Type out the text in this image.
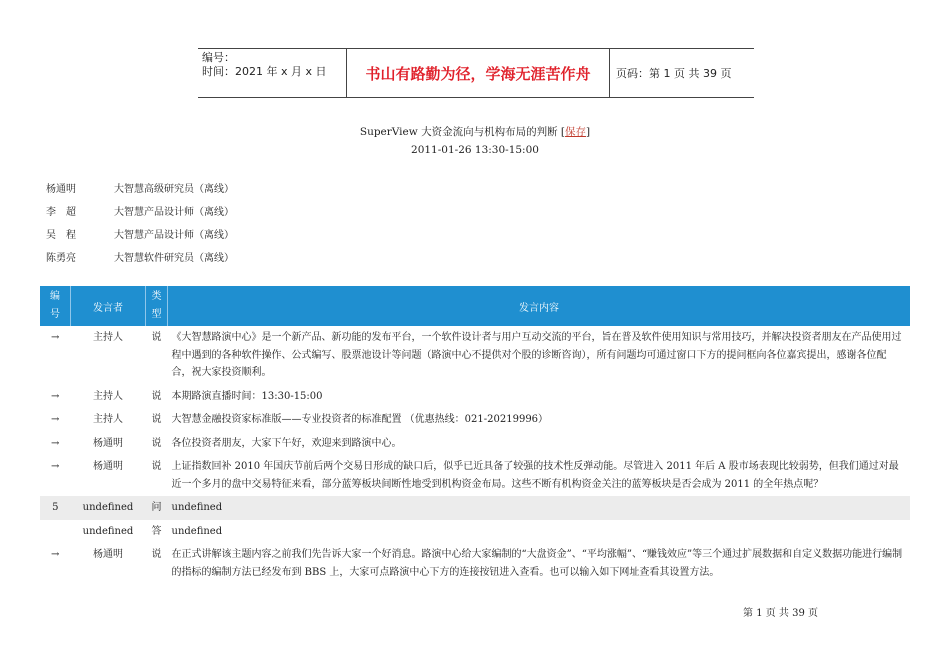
编号：
时间：2021 年 x 月 x 日	书山有路勤为径，学海无涯苦作舟	页码：第 1 页 共 39 页
SuperView 大资金流向与机构布局的判断 [保存]
2011-01-26 13:30-15:00
杨通明	大智慧高级研究员（离线）
李　超	大智慧产品设计师（离线）
吴　程	大智慧产品设计师（离线）
陈勇亮	大智慧软件研究员（离线）
编号	发言者	类型	发言内容
→	主持人	说	《大智慧路演中心》是一个新产品、新功能的发布平台，一个软件设计者与用户互动交流的平台，旨在普及软件使用知识与常用技巧，并解决投资者朋友在产品使用过程中遇到的各种软件操作、公式编写、股票池设计等问题（路演中心不提供对个股的诊断咨询），所有问题均可通过窗口下方的提问框向各位嘉宾提出，感谢各位配合，祝大家投资顺利。
→	主持人	说	本期路演直播时间：13:30-15:00
→	主持人	说	大智慧金融投资家标准版——专业投资者的标准配置 （优惠热线：021-20219996）
→	杨通明	说	各位投资者朋友，大家下午好，欢迎来到路演中心。
→	杨通明	说	上证指数回补 2010 年国庆节前后两个交易日形成的缺口后，似乎已近具备了较强的技术性反弹动能。尽管进入 2011 年后 A 股市场表现比较弱势，但我们通过对最近一个多月的盘中交易特征来看，部分蓝筹板块间断性地受到机构资金布局。这些不断有机构资金关注的蓝筹板块是否会成为 2011 的全年热点呢？
5	undefined	问	undefined
	undefined	答	undefined
→	杨通明	说	在正式讲解该主题内容之前我们先告诉大家一个好消息。路演中心给大家编制的“大盘资金”、“平均涨幅”、“赚钱效应”等三个通过扩展数据和自定义数据功能进行编制的指标的编制方法已经发布到 BBS 上，大家可点路演中心下方的连接按钮进入查看。也可以输入如下网址查看其设置方法。
第 1 页 共 39 页
